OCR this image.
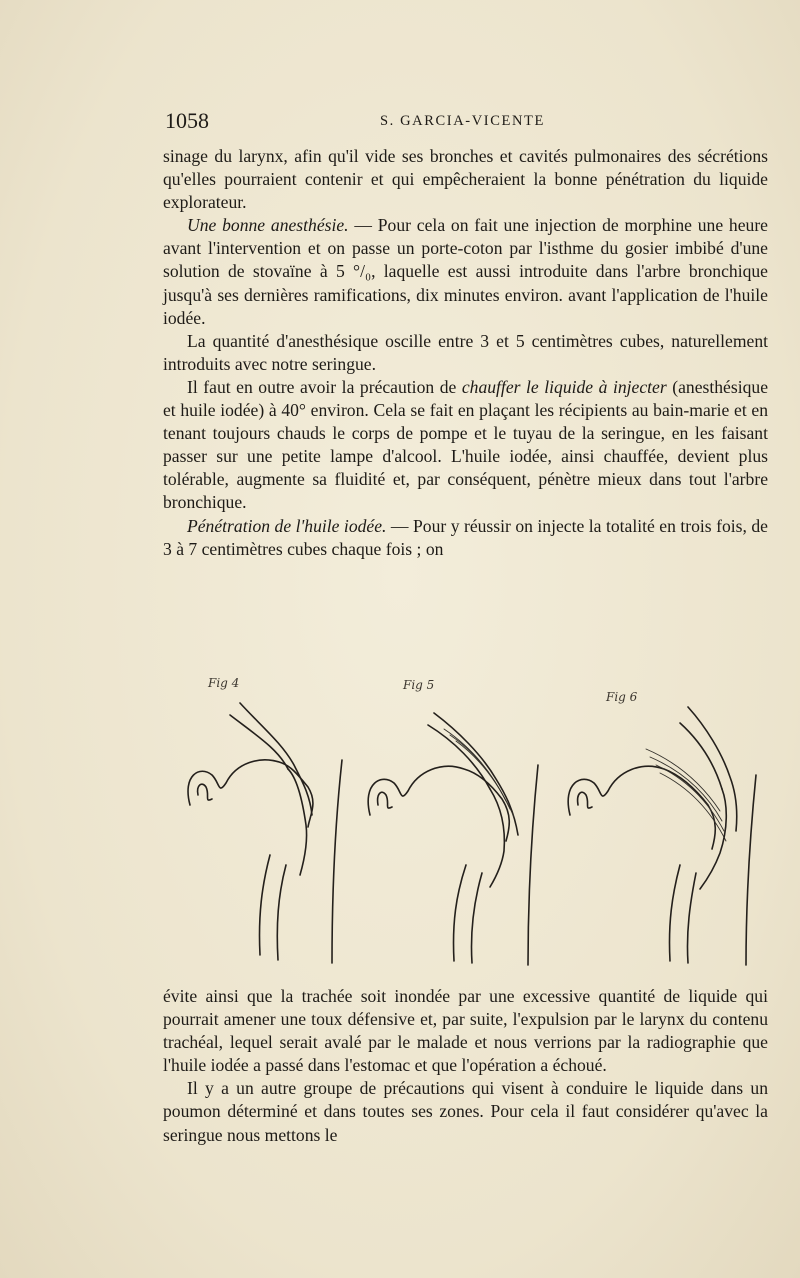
1058	S. GARCIA-VICENTE

sinage du larynx, afin qu'il vide ses bronches et cavités pulmonaires des sécrétions qu'elles pourraient contenir et qui empêcheraient la bonne pénétration du liquide explorateur.

Une bonne anesthésie. — Pour cela on fait une injection de morphine une heure avant l'intervention et on passe un porte-coton par l'isthme du gosier imbibé d'une solution de stovaïne à 5 °/₀, laquelle est aussi introduite dans l'arbre bronchique jusqu'à ses dernières ramifications, dix minutes environ. avant l'application de l'huile iodée.

La quantité d'anesthésique oscille entre 3 et 5 centimètres cubes, naturellement introduits avec notre seringue.

Il faut en outre avoir la précaution de chauffer le liquide à injecter (anesthésique et huile iodée) à 40° environ. Cela se fait en plaçant les récipients au bain-marie et en tenant toujours chauds le corps de pompe et le tuyau de la seringue, en les faisant passer sur une petite lampe d'alcool. L'huile iodée, ainsi chauffée, devient plus tolérable, augmente sa fluidité et, par conséquent, pénètre mieux dans tout l'arbre bronchique.

Pénétration de l'huile iodée. — Pour y réussir on injecte la totalité en trois fois, de 3 à 7 centimètres cubes chaque fois ; on

Fig 4	Fig 5
Fig 6

évite ainsi que la trachée soit inondée par une excessive quantité de liquide qui pourrait amener une toux défensive et, par suite, l'expulsion par le larynx du contenu trachéal, lequel serait avalé par le malade et nous verrions par la radiographie que l'huile iodée a passé dans l'estomac et que l'opération a échoué.

Il y a un autre groupe de précautions qui visent à conduire le liquide dans un poumon déterminé et dans toutes ses zones. Pour cela il faut considérer qu'avec la seringue nous mettons le
